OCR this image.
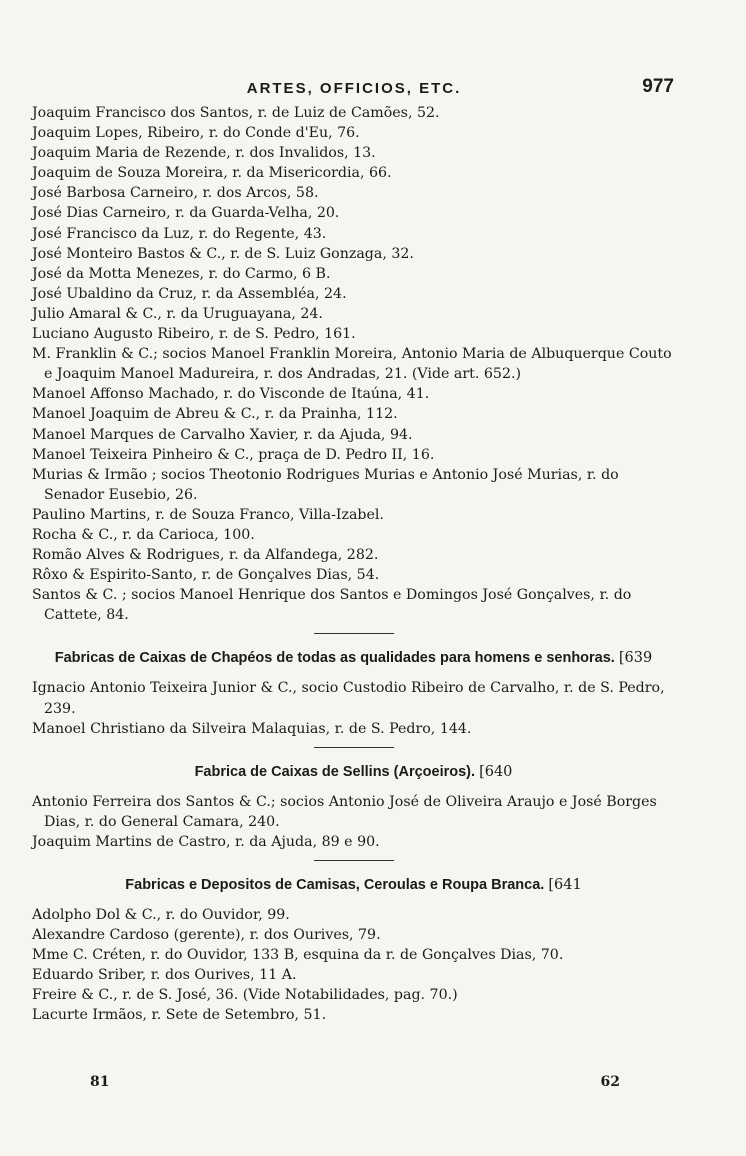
ARTES, OFFICIOS, ETC.	977

Joaquim Francisco dos Santos, r. de Luiz de Camões, 52.

Joaquim Lopes, Ribeiro, r. do Conde d'Eu, 76.

Joaquim Maria de Rezende, r. dos Invalidos, 13.

Joaquim de Souza Moreira, r. da Misericordia, 66.

José Barbosa Carneiro, r. dos Arcos, 58.

José Dias Carneiro, r. da Guarda-Velha, 20.

José Francisco da Luz, r. do Regente, 43.

José Monteiro Bastos & C., r. de S. Luiz Gonzaga, 32.

José da Motta Menezes, r. do Carmo, 6 B.

José Ubaldino da Cruz, r. da Assembléa, 24.

Julio Amaral & C., r. da Uruguayana, 24.

Luciano Augusto Ribeiro, r. de S. Pedro, 161.

M. Franklin & C.; socios Manoel Franklin Moreira, Antonio Maria de Albuquerque Couto e Joaquim Manoel Madureira, r. dos Andradas, 21. (Vide art. 652.)

Manoel Affonso Machado, r. do Visconde de Itaúna, 41.

Manoel Joaquim de Abreu & C., r. da Prainha, 112.

Manoel Marques de Carvalho Xavier, r. da Ajuda, 94.

Manoel Teixeira Pinheiro & C., praça de D. Pedro II, 16.

Murias & Irmão ; socios Theotonio Rodrigues Murias e Antonio José Murias, r. do Senador Eusebio, 26.

Paulino Martins, r. de Souza Franco, Villa-Izabel.

Rocha & C., r. da Carioca, 100.

Romão Alves & Rodrigues, r. da Alfandega, 282.

Rôxo & Espirito-Santo, r. de Gonçalves Dias, 54.

Santos & C. ; socios Manoel Henrique dos Santos e Domingos José Gonçalves, r. do Cattete, 84.

Fabricas de Caixas de Chapéos de todas as qualidades para homens e senhoras. [639

Ignacio Antonio Teixeira Junior & C., socio Custodio Ribeiro de Carvalho, r. de S. Pedro, 239.

Manoel Christiano da Silveira Malaquias, r. de S. Pedro, 144.

Fabrica de Caixas de Sellins (Arçoeiros). [640

Antonio Ferreira dos Santos & C.; socios Antonio José de Oliveira Araujo e José Borges Dias, r. do General Camara, 240.

Joaquim Martins de Castro, r. da Ajuda, 89 e 90.

Fabricas e Depositos de Camisas, Ceroulas e Roupa Branca. [641

Adolpho Dol & C., r. do Ouvidor, 99.

Alexandre Cardoso (gerente), r. dos Ourives, 79.

Mme C. Créten, r. do Ouvidor, 133 B, esquina da r. de Gonçalves Dias, 70.

Eduardo Sriber, r. dos Ourives, 11 A.

Freire & C., r. de S. José, 36. (Vide Notabilidades, pag. 70.)

Lacurte Irmãos, r. Sete de Setembro, 51.

81	62
